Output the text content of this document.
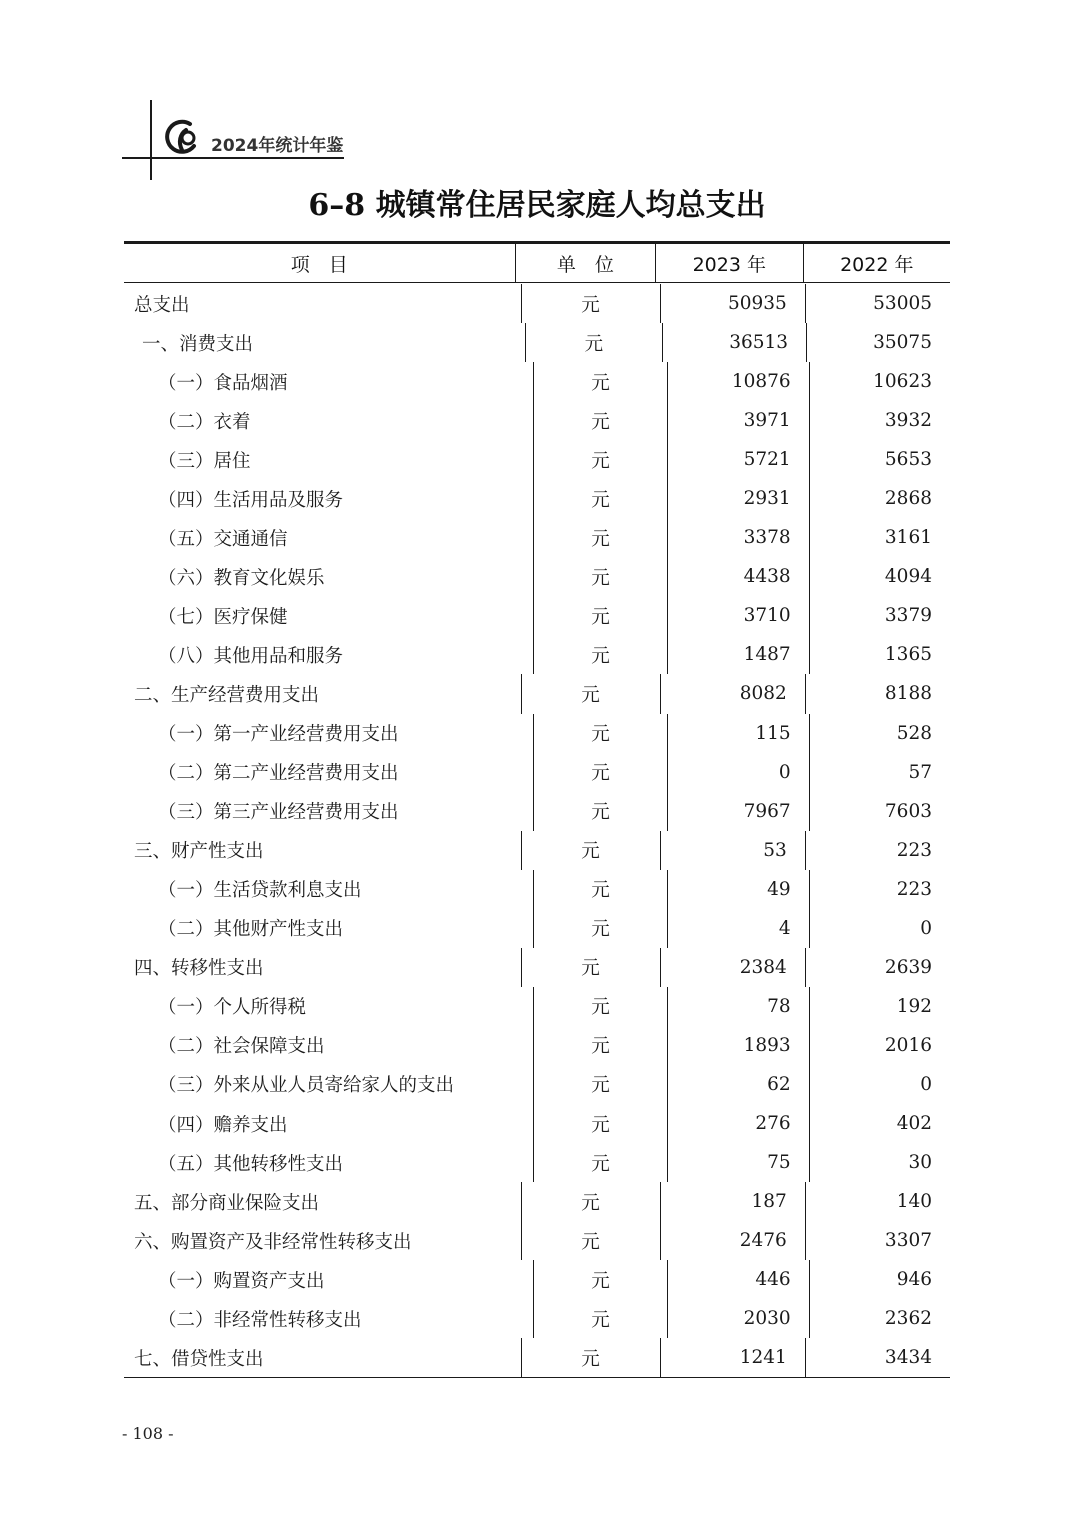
2024年统计年鉴
6–8 城镇常住居民家庭人均总支出
项　目	单　位	2023 年	2022 年
总支出	元	50935	53005
一、消费支出	元	36513	35075
（一）食品烟酒	元	10876	10623
（二）衣着	元	3971	3932
（三）居住	元	5721	5653
（四）生活用品及服务	元	2931	2868
（五）交通通信	元	3378	3161
（六）教育文化娱乐	元	4438	4094
（七）医疗保健	元	3710	3379
（八）其他用品和服务	元	1487	1365
二、生产经营费用支出	元	8082	8188
（一）第一产业经营费用支出	元	115	528
（二）第二产业经营费用支出	元	0	57
（三）第三产业经营费用支出	元	7967	7603
三、财产性支出	元	53	223
（一）生活贷款利息支出	元	49	223
（二）其他财产性支出	元	4	0
四、转移性支出	元	2384	2639
（一）个人所得税	元	78	192
（二）社会保障支出	元	1893	2016
（三）外来从业人员寄给家人的支出	元	62	0
（四）赡养支出	元	276	402
（五）其他转移性支出	元	75	30
五、部分商业保险支出	元	187	140
六、购置资产及非经常性转移支出	元	2476	3307
（一）购置资产支出	元	446	946
（二）非经常性转移支出	元	2030	2362
七、借贷性支出	元	1241	3434
- 108 -
